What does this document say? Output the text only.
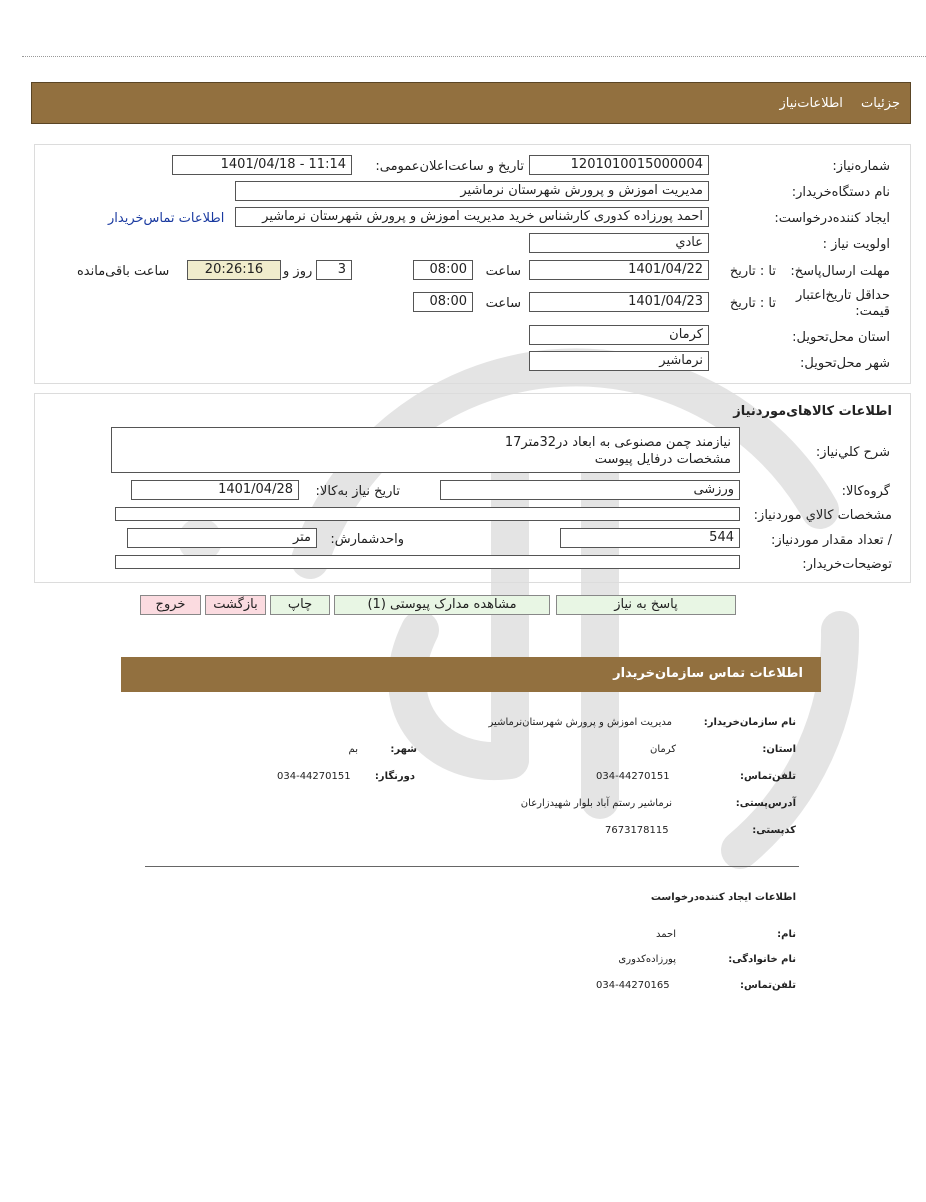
جزئیات اطلاعات‌نیاز
شماره‌نیاز:
1201010015000004
تاریخ و ساعت‌اعلان‌عمومی:
1401/04/18 - 11:14
نام دستگاه‌خریدار:
مدیریت اموزش و پرورش شهرستان نرماشیر
ایجاد کننده‌درخواست:
احمد پورزاده کدوری کارشناس خرید مدیریت اموزش و پرورش شهرستان نرماشیر
اطلاعات تماس‌خریدار
اولویت نیاز :
عادي
مهلت ارسال‌پاسخ:
تا : تاریخ
1401/04/22
ساعت
08:00
3
روز و
20:26:16
ساعت باقی‌مانده
حداقل تاریخ‌اعتبار قیمت:
تا : تاریخ
1401/04/23
ساعت
08:00
استان محل‌تحویل:
کرمان
شهر محل‌تحویل:
نرماشیر
اطلاعات کالاهای‌مورد‌نیاز
شرح کلي‌نیاز:
نیازمند چمن مصنوعی به ابعاد در32متر17
مشخصات درفایل پیوست
گروه‌کالا:
ورزشی
تاریخ نیاز به‌کالا:
1401/04/28
مشخصات کالاي مورد‌نیاز:
/ تعداد مقدار مورد‌نیاز:
544
واحد‌شمارش:
متر
توضیحات‌خریدار:
پاسخ به نیاز
مشاهده مدارک پیوستی (1)
چاپ
بازگشت
خروج
اطلاعات تماس سازمان‌خریدار
نام سازمان‌خریدار:
مدیریت اموزش و پرورش شهرستان‌نرماشیر
استان:
کرمان
شهر:
بم
تلفن‌تماس:
034-44270151
دورنگار:
034-44270151
آدرس‌پستی:
نرماشیر رستم آباد بلوار شهیدزارعان
کد‌پستی:
7673178115
اطلاعات ایجاد کننده‌درخواست
نام:
احمد
نام خانوادگی:
پورزاده‌کدوری
تلفن‌تماس:
034-44270165
